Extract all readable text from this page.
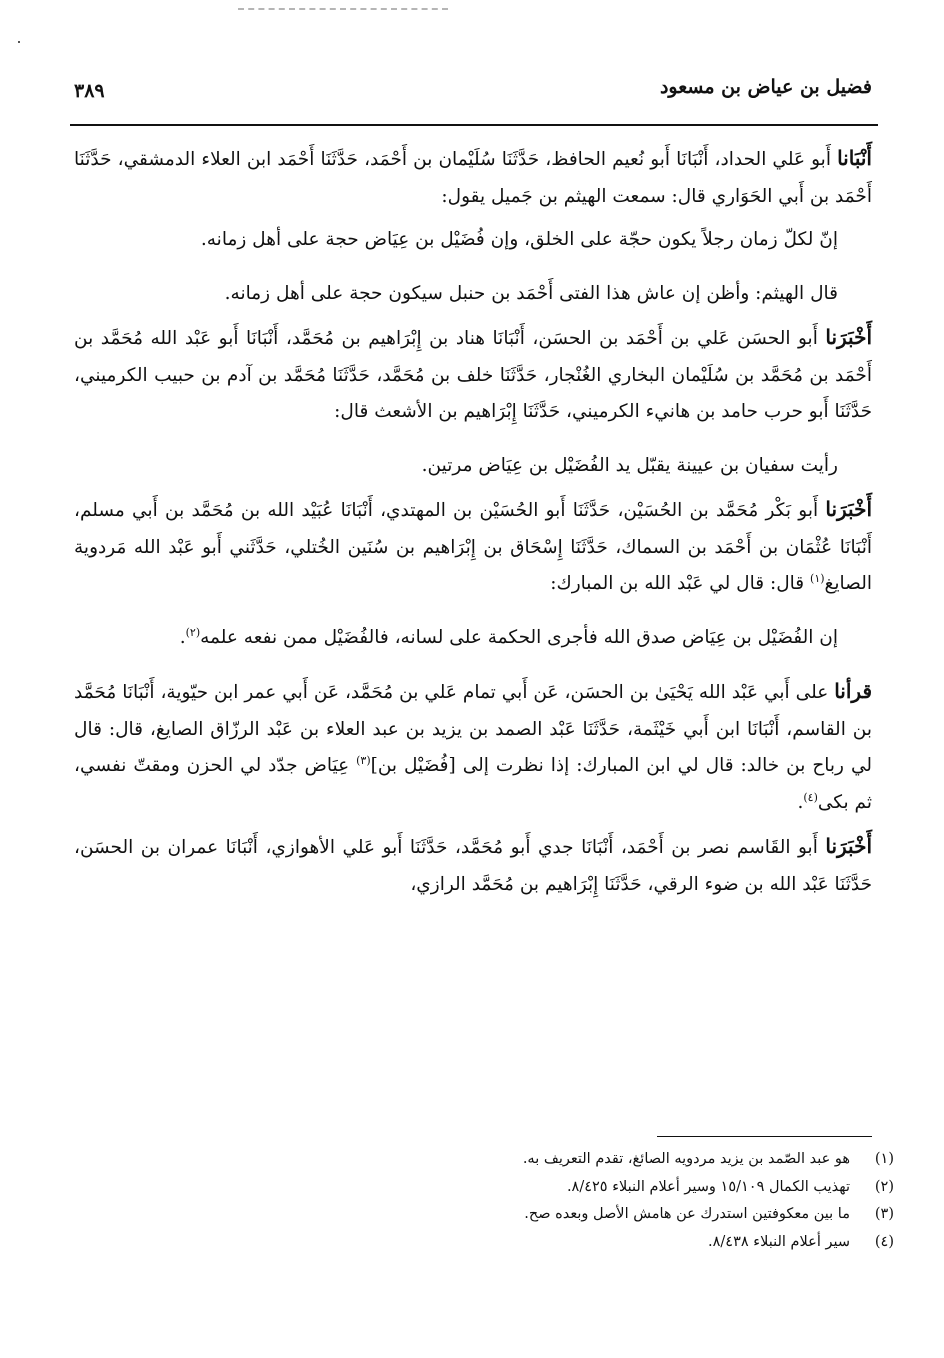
فضيل بن عياض بن مسعود
٣٨٩

أَنْبَانا أَبو عَلي الحداد، أَنْبَانَا أَبو نُعيم الحافظ، حَدَّثَنَا سُلَيْمان بن أَحْمَد، حَدَّثَنَا أَحْمَد ابن العلاء الدمشقي، حَدَّثَنَا أَحْمَد بن أَبي الحَوَاري قال: سمعت الهيثم بن جَميل يقول:

إنّ لكلّ زمان رجلاً يكون حجّة على الخلق، وإن فُضَيْل بن عِيَاض حجة على أهل زمانه.

قال الهيثم: وأظن إن عاش هذا الفتى أَحْمَد بن حنبل سيكون حجة على أهل زمانه.

أَخْبَرَنا أَبو الحسَن عَلي بن أَحْمَد بن الحسَن، أَنْبَانَا هناد بن إِبْرَاهيم بن مُحَمَّد، أَنْبَانَا أَبو عَبْد الله مُحَمَّد بن أَحْمَد بن مُحَمَّد بن سُلَيْمان البخاري الغُنْجار، حَدَّثَنَا خلف بن مُحَمَّد، حَدَّثَنَا مُحَمَّد بن آدم بن حبيب الكرميني، حَدَّثَنَا أَبو حرب حامد بن هانيء الكرميني، حَدَّثَنَا إِبْرَاهيم بن الأشعث قال:

رأيت سفيان بن عيينة يقبّل يد الفُضَيْل بن عِيَاض مرتين.

أَخْبَرَنا أَبو بَكْر مُحَمَّد بن الحُسَيْن، حَدَّثَنَا أَبو الحُسَيْن بن المهتدي، أَنْبَانَا عُبَيْد الله بن مُحَمَّد بن أَبي مسلم، أَنْبَانَا عُثْمَان بن أَحْمَد بن السماك، حَدَّثَنَا إِسْحَاق بن إِبْرَاهيم بن سُنَين الخُتلي، حَدَّثَني أَبو عَبْد الله مَردوية الصايغ$^{(١)}$ قال: قال لي عَبْد الله بن المبارك:

إن الفُضَيْل بن عِيَاض صدق الله فأجرى الحكمة على لسانه، فالفُضَيْل ممن نفعه علمه$^{(٢)}$.

قرأنا على أَبي عَبْد الله يَحْيَىٰ بن الحسَن، عَن أَبي تمام عَلي بن مُحَمَّد، عَن أَبي عمر ابن حيّوية، أَنْبَانَا مُحَمَّد بن القاسم، أَنْبَانَا ابن أَبي خَيْثَمة، حَدَّثَنَا عَبْد الصمد بن يزيد بن عبد العلاء بن عَبْد الرزّاق الصايغ، قال: قال لي رباح بن خالد: قال لي ابن المبارك: إذا نظرت إلى [فُضَيْل بن]$^{(٣)}$ عِيَاض جدّد لي الحزن ومقتّ نفسي، ثم بكى$^{(٤)}$.

أَخْبَرَنا أَبو القَاسم نصر بن أَحْمَد، أَنْبَانَا جدي أَبو مُحَمَّد، حَدَّثَنَا أَبو عَلي الأهوازي، أَنْبَانَا عمران بن الحسَن، حَدَّثَنَا عَبْد الله بن ضوء الرقي، حَدَّثَنَا إِبْرَاهيم بن مُحَمَّد الرازي،

(١)
هو عبد الصّمد بن يزيد مردويه الصائغ، تقدم التعريف به.
(٢)
تهذيب الكمال ١٥/١٠٩ وسير أعلام النبلاء ٨/٤٢٥.
(٣)
ما بين معكوفتين استدرك عن هامش الأصل وبعده صح.
(٤)
سير أعلام النبلاء ٨/٤٣٨.
